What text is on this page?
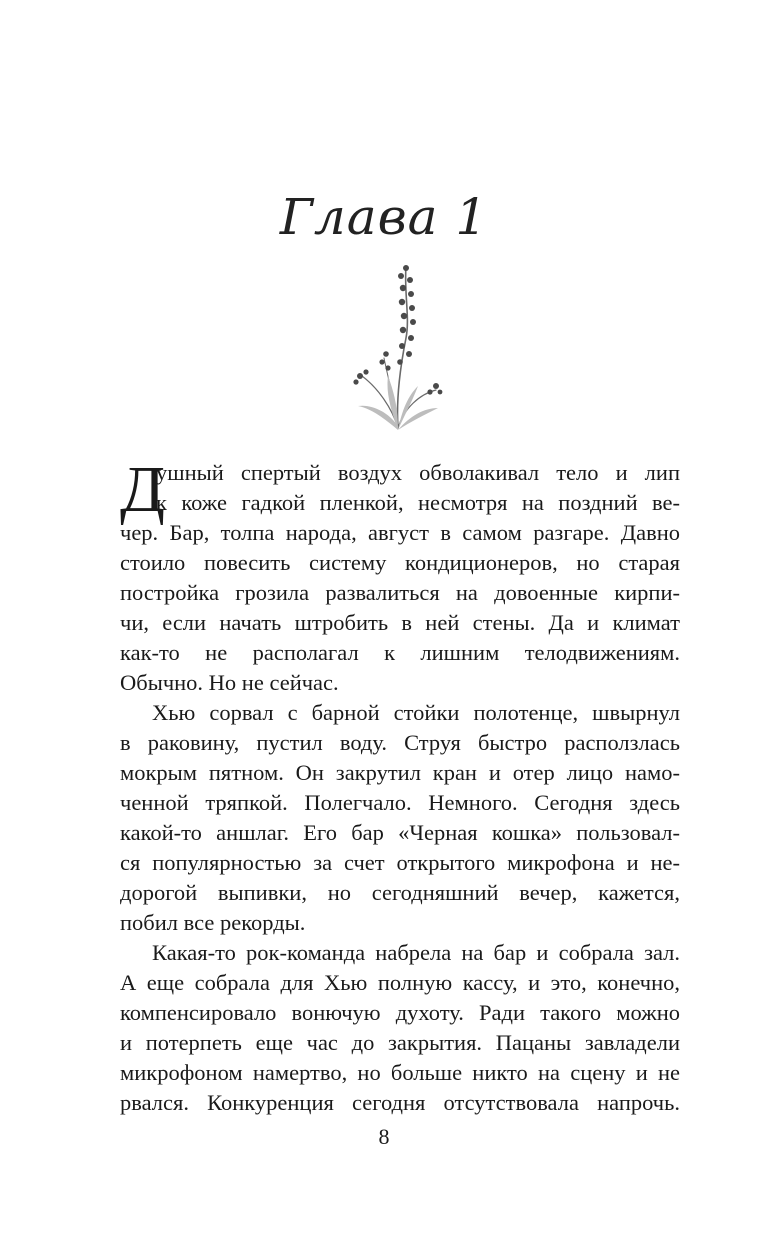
Глава 1
Д
ушный спертый воздух обволакивал тело и лип
к коже гадкой пленкой, несмотря на поздний ве-
чер. Бар, толпа народа, август в самом разгаре. Давно
стоило повесить систему кондиционеров, но старая
постройка грозила развалиться на довоенные кирпи-
чи, если начать штробить в ней стены. Да и климат
как-то не располагал к лишним телодвижениям.
Обычно. Но не сейчас.
Хью сорвал с барной стойки полотенце, швырнул
в раковину, пустил воду. Струя быстро расползлась
мокрым пятном. Он закрутил кран и отер лицо намо-
ченной тряпкой. Полегчало. Немного. Сегодня здесь
какой-то аншлаг. Его бар «Черная кошка» пользовал-
ся популярностью за счет открытого микрофона и не-
дорогой выпивки, но сегодняшний вечер, кажется,
побил все рекорды.
Какая-то рок-команда набрела на бар и собрала зал.
А еще собрала для Хью полную кассу, и это, конечно,
компенсировало вонючую духоту. Ради такого можно
и потерпеть еще час до закрытия. Пацаны завладели
микрофоном намертво, но больше никто на сцену и не
рвался. Конкуренция сегодня отсутствовала напрочь.
8
